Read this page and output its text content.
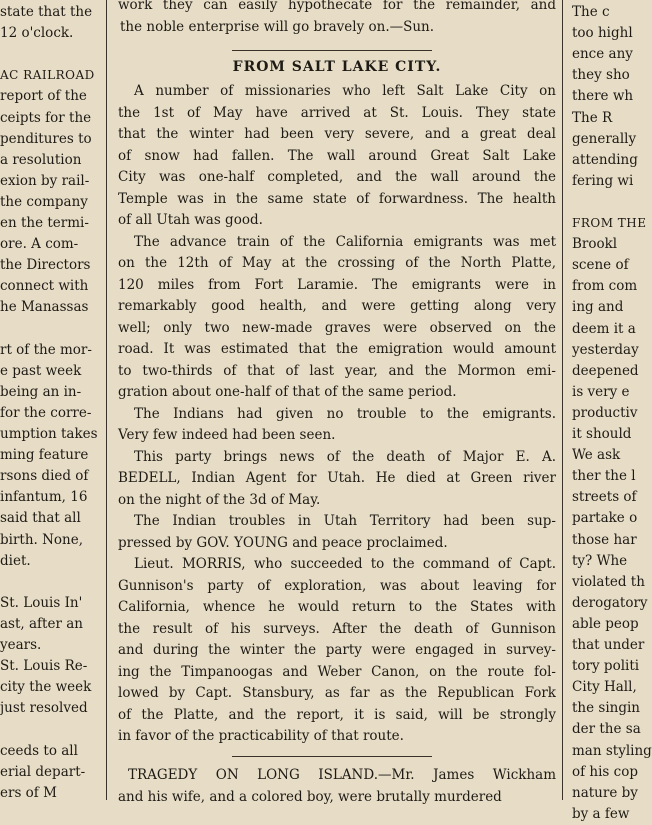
state that the
12 o'clock.
AC RAILROAD
report of the
ceipts for the
penditures to
a resolution
exion by rail-
the company
en the termi-
ore. A com-
the Directors
connect with
he Manassas
rt of the mor-
e past week
being an in-
for the corre-
umption takes
ming feature
rsons died of
infantum, 16
said that all
birth. None,
diet.
St. Louis In'
ast, after an
years.
St. Louis Re-
city the week
just resolved
ceeds to all
erial depart-
ers of M
work they can easily hypothecate for the remainder, and
the noble enterprise will go bravely on.—Sun.
FROM SALT LAKE CITY.
A number of missionaries who left Salt Lake City on
the 1st of May have arrived at St. Louis. They state
that the winter had been very severe, and a great deal
of snow had fallen. The wall around Great Salt Lake
City was one-half completed, and the wall around the
Temple was in the same state of forwardness. The health
of all Utah was good.
The advance train of the California emigrants was met
on the 12th of May at the crossing of the North Platte,
120 miles from Fort Laramie. The emigrants were in
remarkably good health, and were getting along very
well; only two new-made graves were observed on the
road. It was estimated that the emigration would amount
to two-thirds of that of last year, and the Mormon emi-
gration about one-half of that of the same period.
The Indians had given no trouble to the emigrants.
Very few indeed had been seen.
This party brings news of the death of Major E. A.
BEDELL, Indian Agent for Utah. He died at Green river
on the night of the 3d of May.
The Indian troubles in Utah Territory had been sup-
pressed by GOV. YOUNG and peace proclaimed.
Lieut. MORRIS, who succeeded to the command of Capt.
Gunnison's party of exploration, was about leaving for
California, whence he would return to the States with
the result of his surveys. After the death of Gunnison
and during the winter the party were engaged in survey-
ing the Timpanoogas and Weber Canon, on the route fol-
lowed by Capt. Stansbury, as far as the Republican Fork
of the Platte, and the report, it is said, will be strongly
in favor of the practicability of that route.
TRAGEDY ON LONG ISLAND.—Mr. James Wickham
and his wife, and a colored boy, were brutally murdered
The c
too highl
ence any
they sho
there wh
The R
generally
attending
fering wi
FROM THE
Brookl
scene of
from com
ing and
deem it a
yesterday
deepened
is very e
productiv
it should
We ask
ther the l
streets of
partake o
those har
ty? Whe
violated th
derogatory
able peop
that under
tory politi
City Hall,
the singin
der the sa
man styling
of his cop
nature by
by a few
